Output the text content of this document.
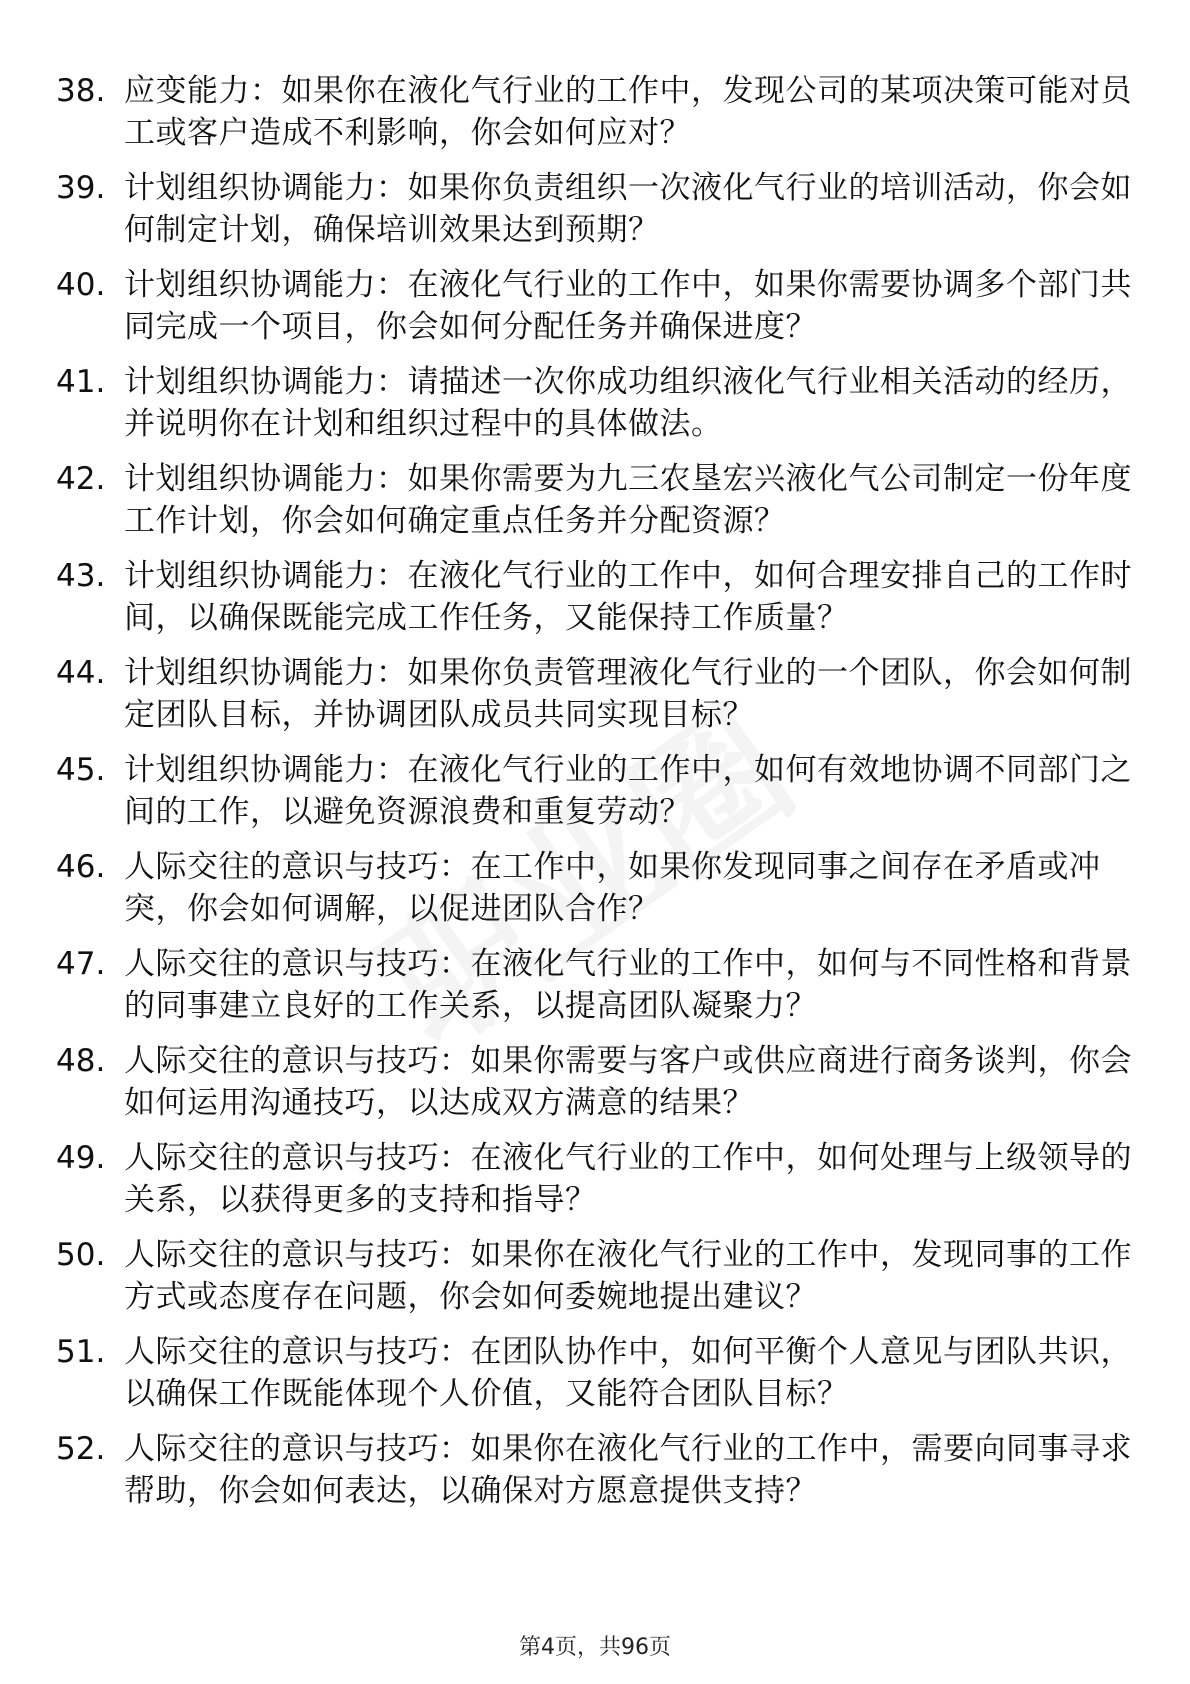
38. 应变能力：如果你在液化气行业的工作中，发现公司的某项决策可能对员工或客户造成不利影响，你会如何应对？
39. 计划组织协调能力：如果你负责组织一次液化气行业的培训活动，你会如何制定计划，确保培训效果达到预期？
40. 计划组织协调能力：在液化气行业的工作中，如果你需要协调多个部门共同完成一个项目，你会如何分配任务并确保进度？
41. 计划组织协调能力：请描述一次你成功组织液化气行业相关活动的经历，并说明你在计划和组织过程中的具体做法。
42. 计划组织协调能力：如果你需要为九三农垦宏兴液化气公司制定一份年度工作计划，你会如何确定重点任务并分配资源？
43. 计划组织协调能力：在液化气行业的工作中，如何合理安排自己的工作时间，以确保既能完成工作任务，又能保持工作质量？
44. 计划组织协调能力：如果你负责管理液化气行业的一个团队，你会如何制定团队目标，并协调团队成员共同实现目标？
45. 计划组织协调能力：在液化气行业的工作中，如何有效地协调不同部门之间的工作，以避免资源浪费和重复劳动？
46. 人际交往的意识与技巧：在工作中，如果你发现同事之间存在矛盾或冲突，你会如何调解，以促进团队合作？
47. 人际交往的意识与技巧：在液化气行业的工作中，如何与不同性格和背景的同事建立良好的工作关系，以提高团队凝聚力？
48. 人际交往的意识与技巧：如果你需要与客户或供应商进行商务谈判，你会如何运用沟通技巧，以达成双方满意的结果？
49. 人际交往的意识与技巧：在液化气行业的工作中，如何处理与上级领导的关系，以获得更多的支持和指导？
50. 人际交往的意识与技巧：如果你在液化气行业的工作中，发现同事的工作方式或态度存在问题，你会如何委婉地提出建议？
51. 人际交往的意识与技巧：在团队协作中，如何平衡个人意见与团队共识，以确保工作既能体现个人价值，又能符合团队目标？
52. 人际交往的意识与技巧：如果你在液化气行业的工作中，需要向同事寻求帮助，你会如何表达，以确保对方愿意提供支持？
第4页，共96页
